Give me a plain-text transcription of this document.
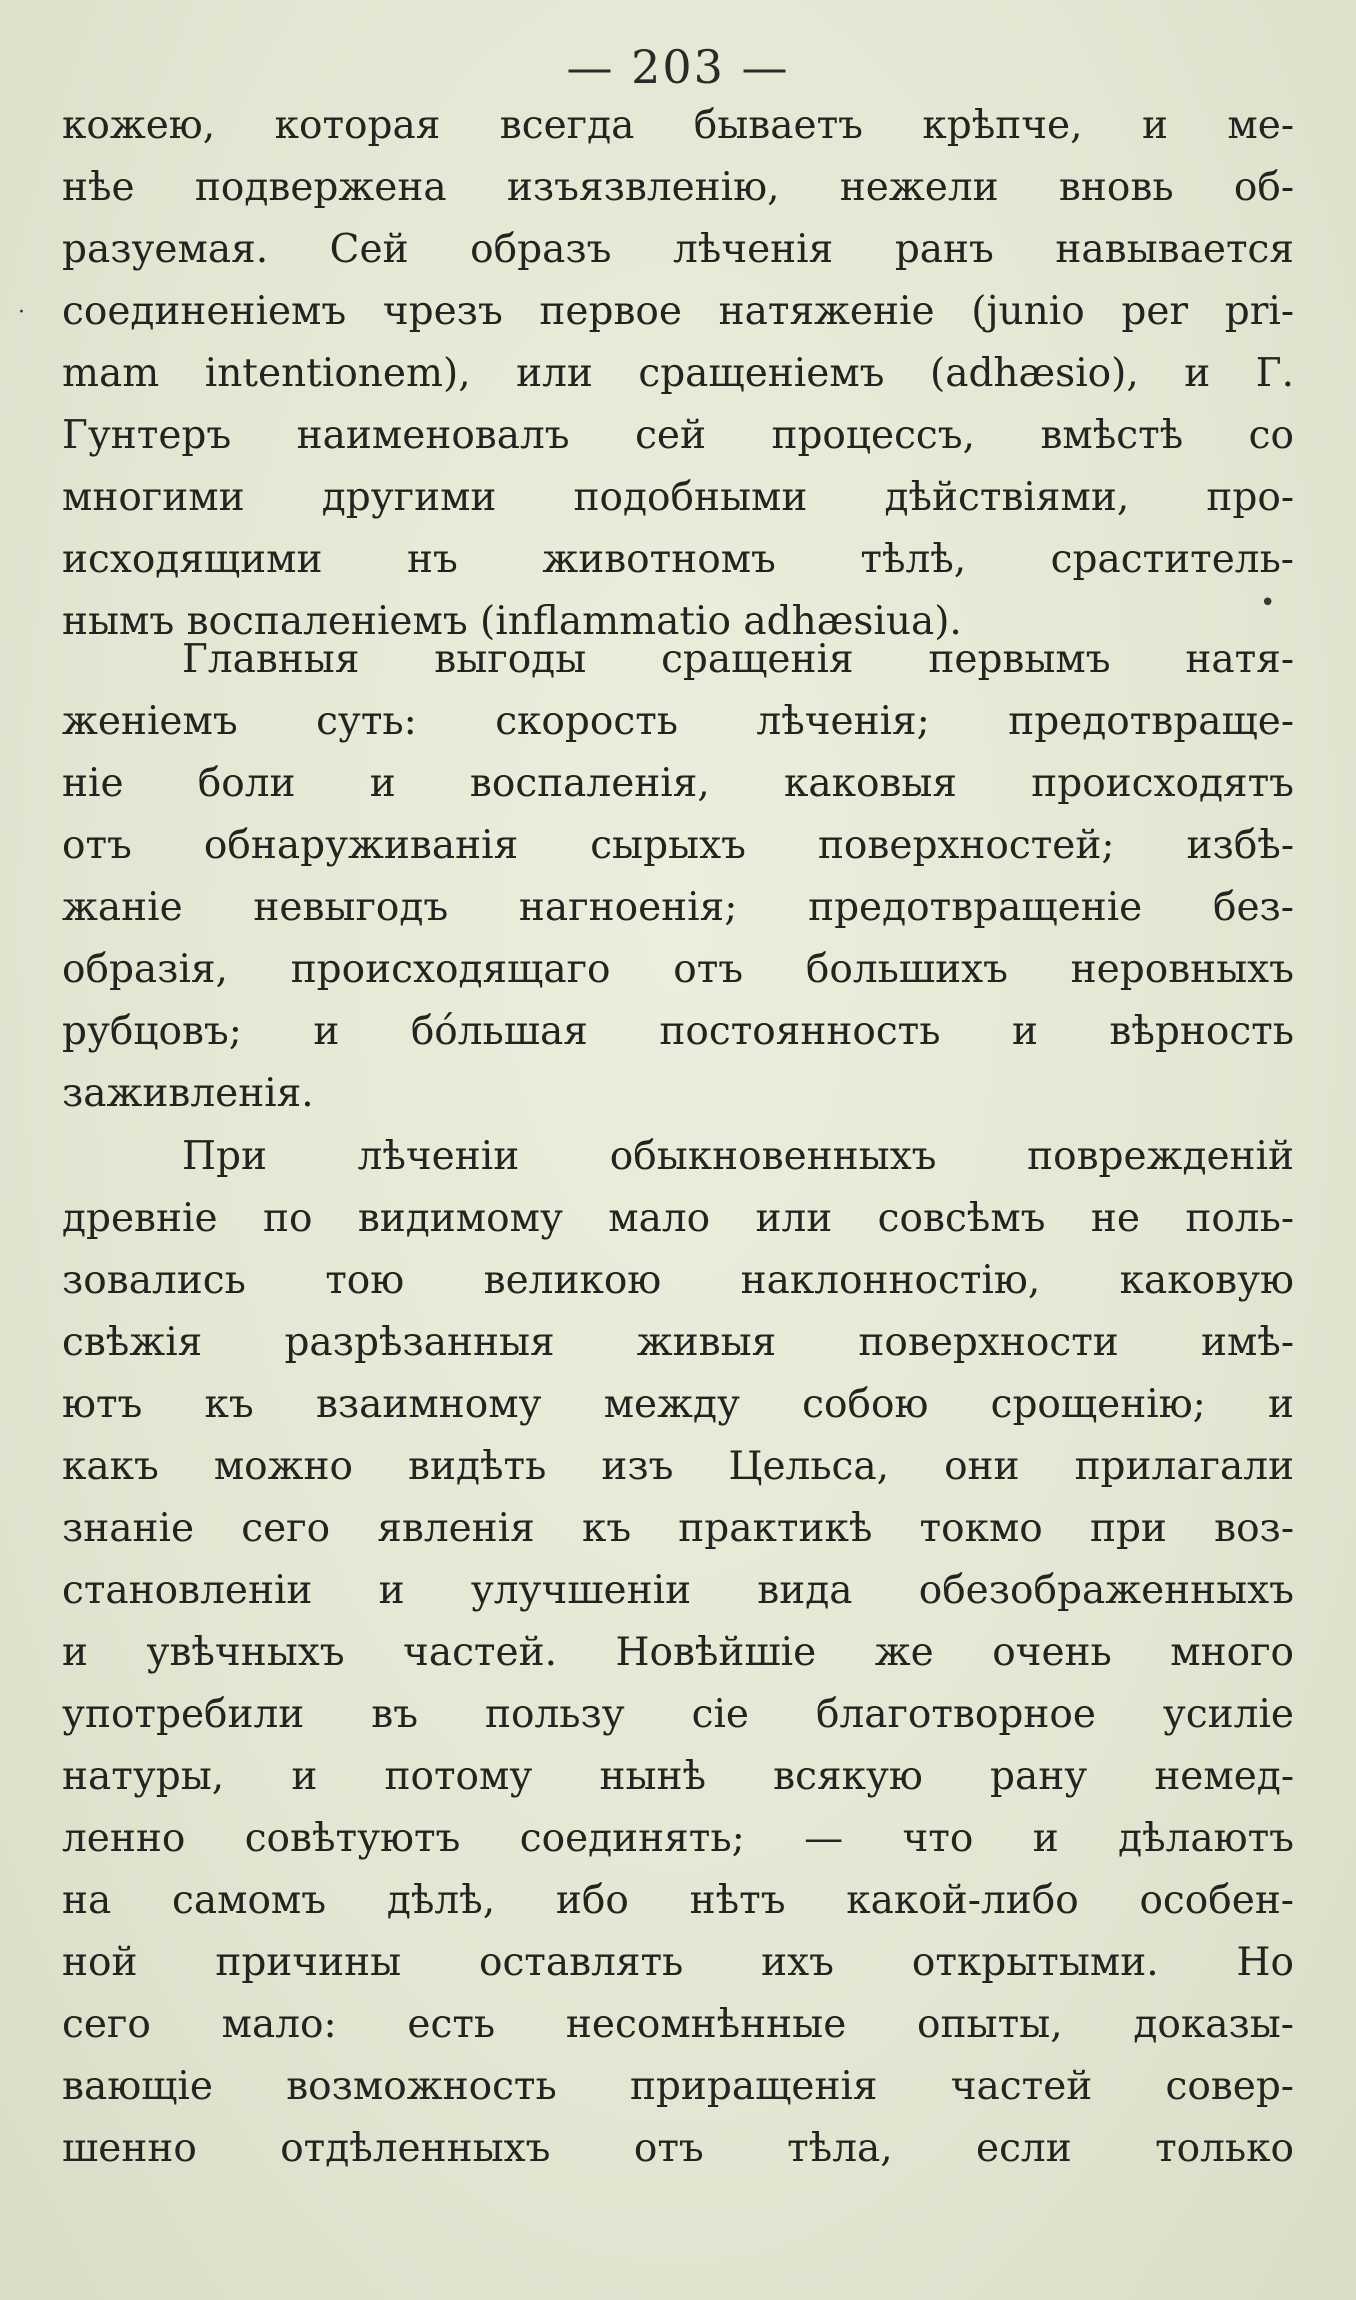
— 203 —
·
•
кожею, которая всегда бываетъ крѣпче, и ме-
нѣе подвержена изъязвленію, нежели вновь об-
разуемая. Сей образъ лѣченія ранъ навывается
соединеніемъ чрезъ первое натяженіе (junio per pri-
mam intentionem), или сращеніемъ (adhæsio), и Г.
Гунтеръ наименовалъ сей процессъ, вмѣстѣ со
многими другими подобными дѣйствіями, про-
исходящими нъ животномъ тѣлѣ, сраститель-
нымъ воспаленіемъ (inflammatio adhæsiua).
Главныя выгоды сращенія первымъ натя-
женіемъ суть: скорость лѣченія; предотвраще-
ніе боли и воспаленія, каковыя происходятъ
отъ обнаруживанія сырыхъ поверхностей; избѣ-
жаніе невыгодъ нагноенія; предотвращеніе без-
образія, происходящаго отъ большихъ неровныхъ
рубцовъ; и бо́льшая постоянность и вѣрность
заживленія.
При лѣченіи обыкновенныхъ поврежденій
древніе по видимому мало или совсѣмъ не поль-
зовались тою великою наклонностію, каковую
свѣжія разрѣзанныя живыя поверхности имѣ-
ютъ къ взаимному между собою срощенію; и
какъ можно видѣть изъ Цельса, они прилагали
знаніе сего явленія къ практикѣ токмо при воз-
становленіи и улучшеніи вида обезображенныхъ
и увѣчныхъ частей. Новѣйшіе же очень много
употребили въ пользу сіе благотворное усиліе
натуры, и потому нынѣ всякую рану немед-
ленно совѣтуютъ соединять; — что и дѣлаютъ
на самомъ дѣлѣ, ибо нѣтъ какой-либо особен-
ной причины оставлять ихъ открытыми. Но
сего мало: есть несомнѣнные опыты, доказы-
вающіе возможность приращенія частей совер-
шенно отдѣленныхъ отъ тѣла, если только
